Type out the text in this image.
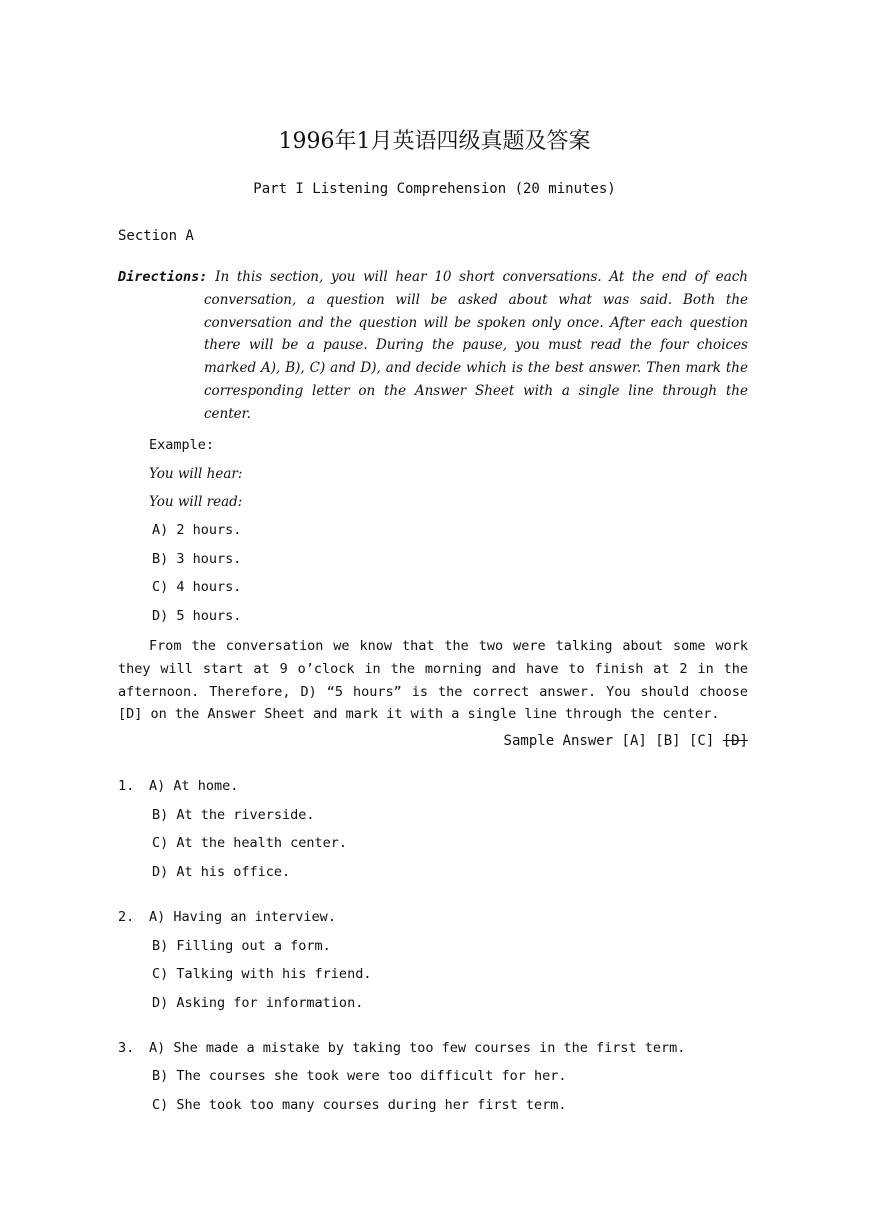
1996年1月英语四级真题及答案
Part I Listening Comprehension (20 minutes)
Section A
Directions: In this section, you will hear 10 short conversations. At the end of each conversation, a question will be asked about what was said. Both the conversation and the question will be spoken only once. After each question there will be a pause. During the pause, you must read the four choices marked A), B), C) and D), and decide which is the best answer. Then mark the corresponding letter on the Answer Sheet with a single line through the center.
Example:
You will hear:
You will read:
A) 2 hours.
B) 3 hours.
C) 4 hours.
D) 5 hours.
From the conversation we know that the two were talking about some work they will start at 9 o’clock in the morning and have to finish at 2 in the afternoon. Therefore, D) “5 hours” is the correct answer. You should choose [D] on the Answer Sheet and mark it with a single line through the center.
Sample Answer [A] [B] [C] [D]
1. A) At home.
B) At the riverside.
C) At the health center.
D) At his office.
2. A) Having an interview.
B) Filling out a form.
C) Talking with his friend.
D) Asking for information.
3. A) She made a mistake by taking too few courses in the first term.
B) The courses she took were too difficult for her.
C) She took too many courses during her first term.
